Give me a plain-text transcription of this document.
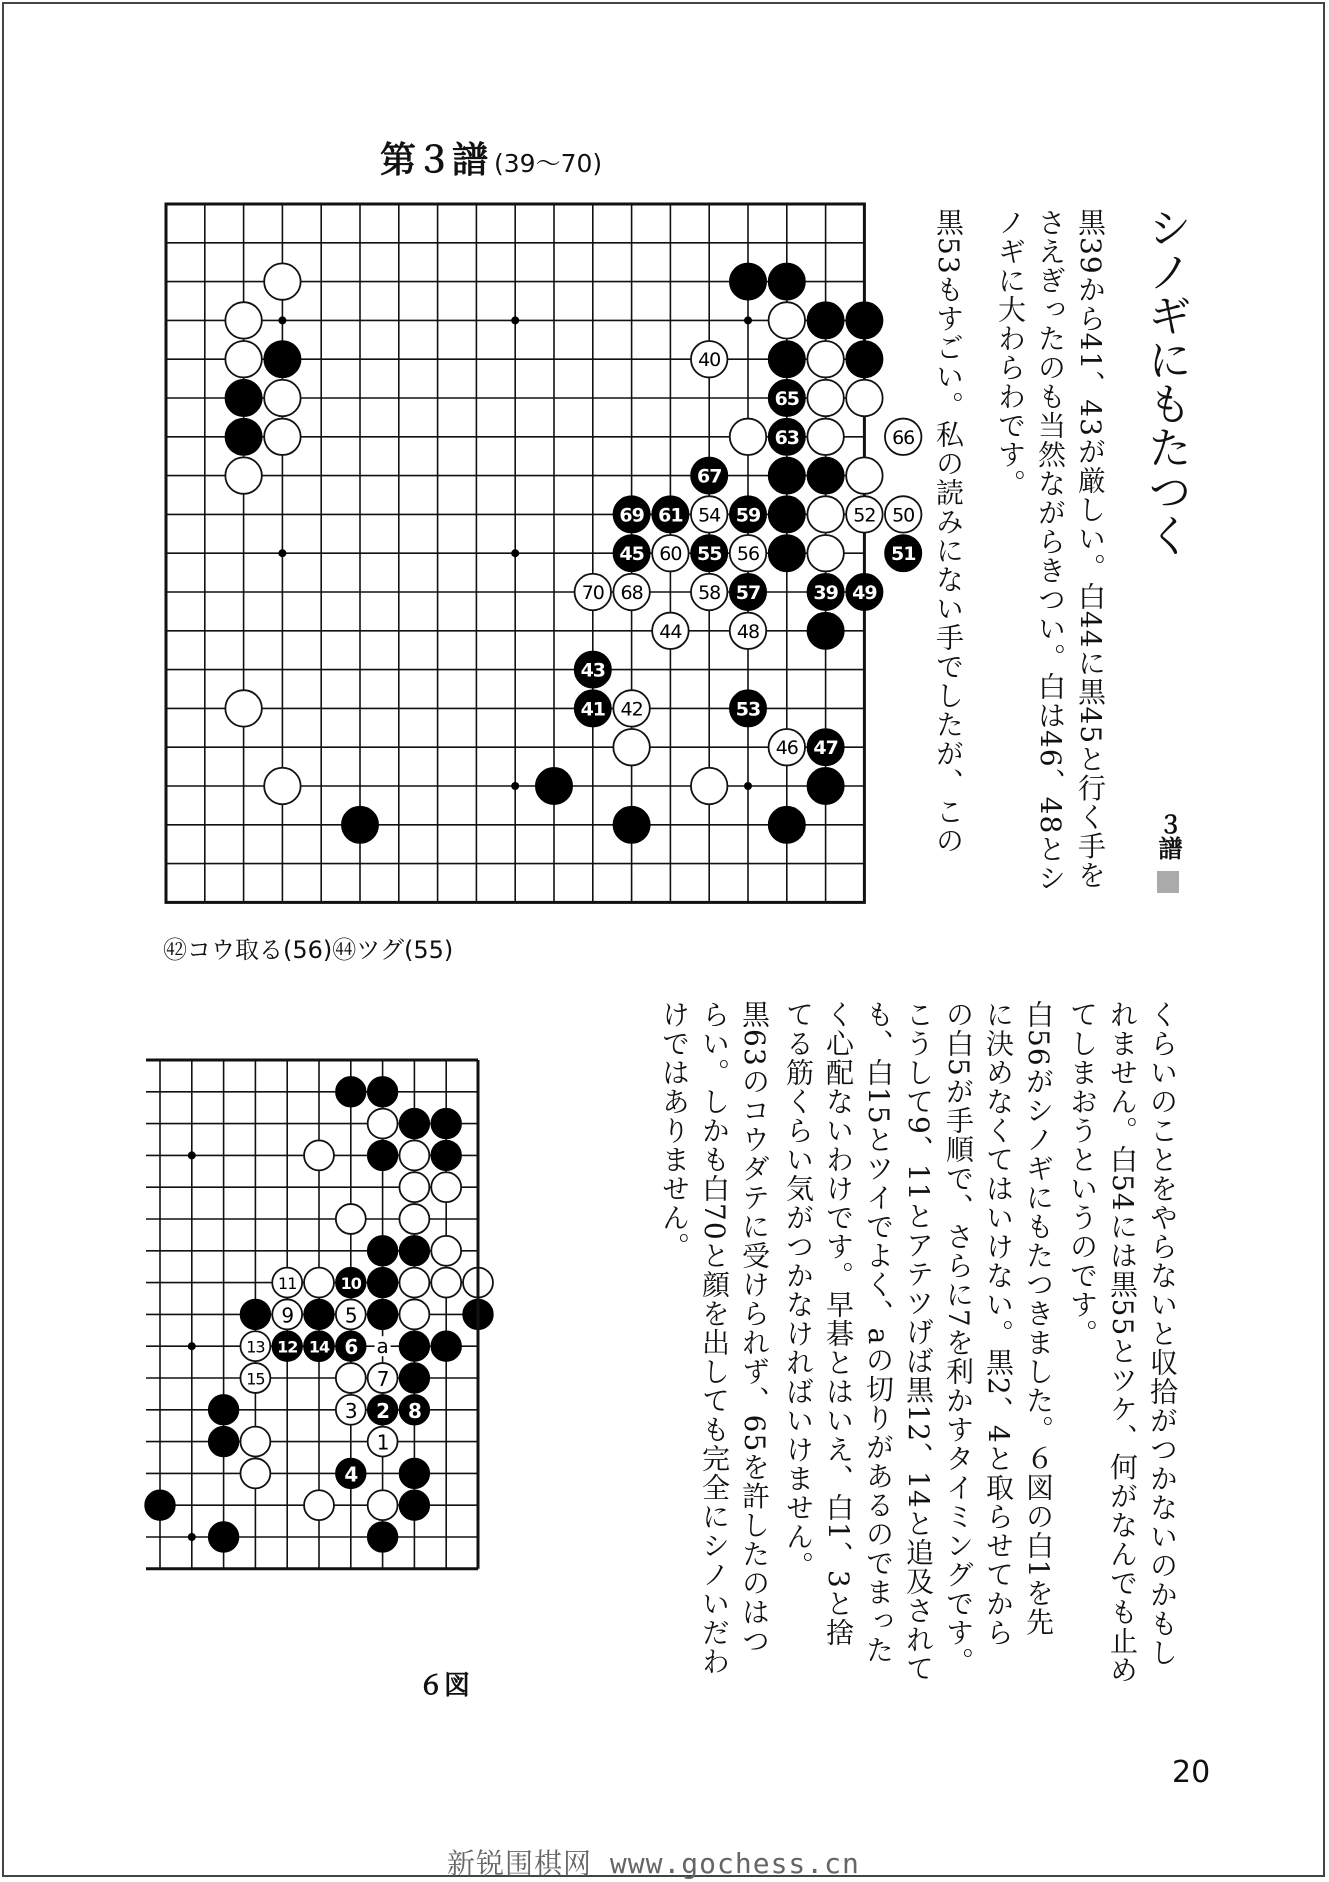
第３譜 (39〜70)
39
40
41 42
43
44
45
46 47
48
49
50
51
52
53
54
55 56
57
58
59
60
61
63
65
66
67
68
69
70
㊷コウ取る(56)㊹ツグ(55)
1
2
3
4
5
6
7
8
9
10
11
12
13	14
15
a
６図
シノギにもたつく
３譜
黒39から41、43が厳しい。白44に黒45と行く手を
さえぎったのも当然ながらきつい。白は46、48とシ
ノギに大わらわです。
黒53もすごい。私の読みにない手でしたが、この
くらいのことをやらないと収拾がつかないのかもし
れません。白54には黒55とツケ、何がなんでも止め
てしまおうというのです。
白56がシノギにもたつきました。６図の白1を先
に決めなくてはいけない。黒2、4と取らせてから
の白5が手順で、さらに7を利かすタイミングです。
こうして9、11とアテツげば黒12、14と追及されて
も、白15とツイでよく、aの切りがあるのでまった
く心配ないわけです。早碁とはいえ、白1、3と捨
てる筋くらい気がつかなければいけません。
黒63のコウダテに受けられず、65を許したのはつ
らい。しかも白70と顔を出しても完全にシノいだわ
けではありません。
20
新锐围棋网 www.gochess.cn
